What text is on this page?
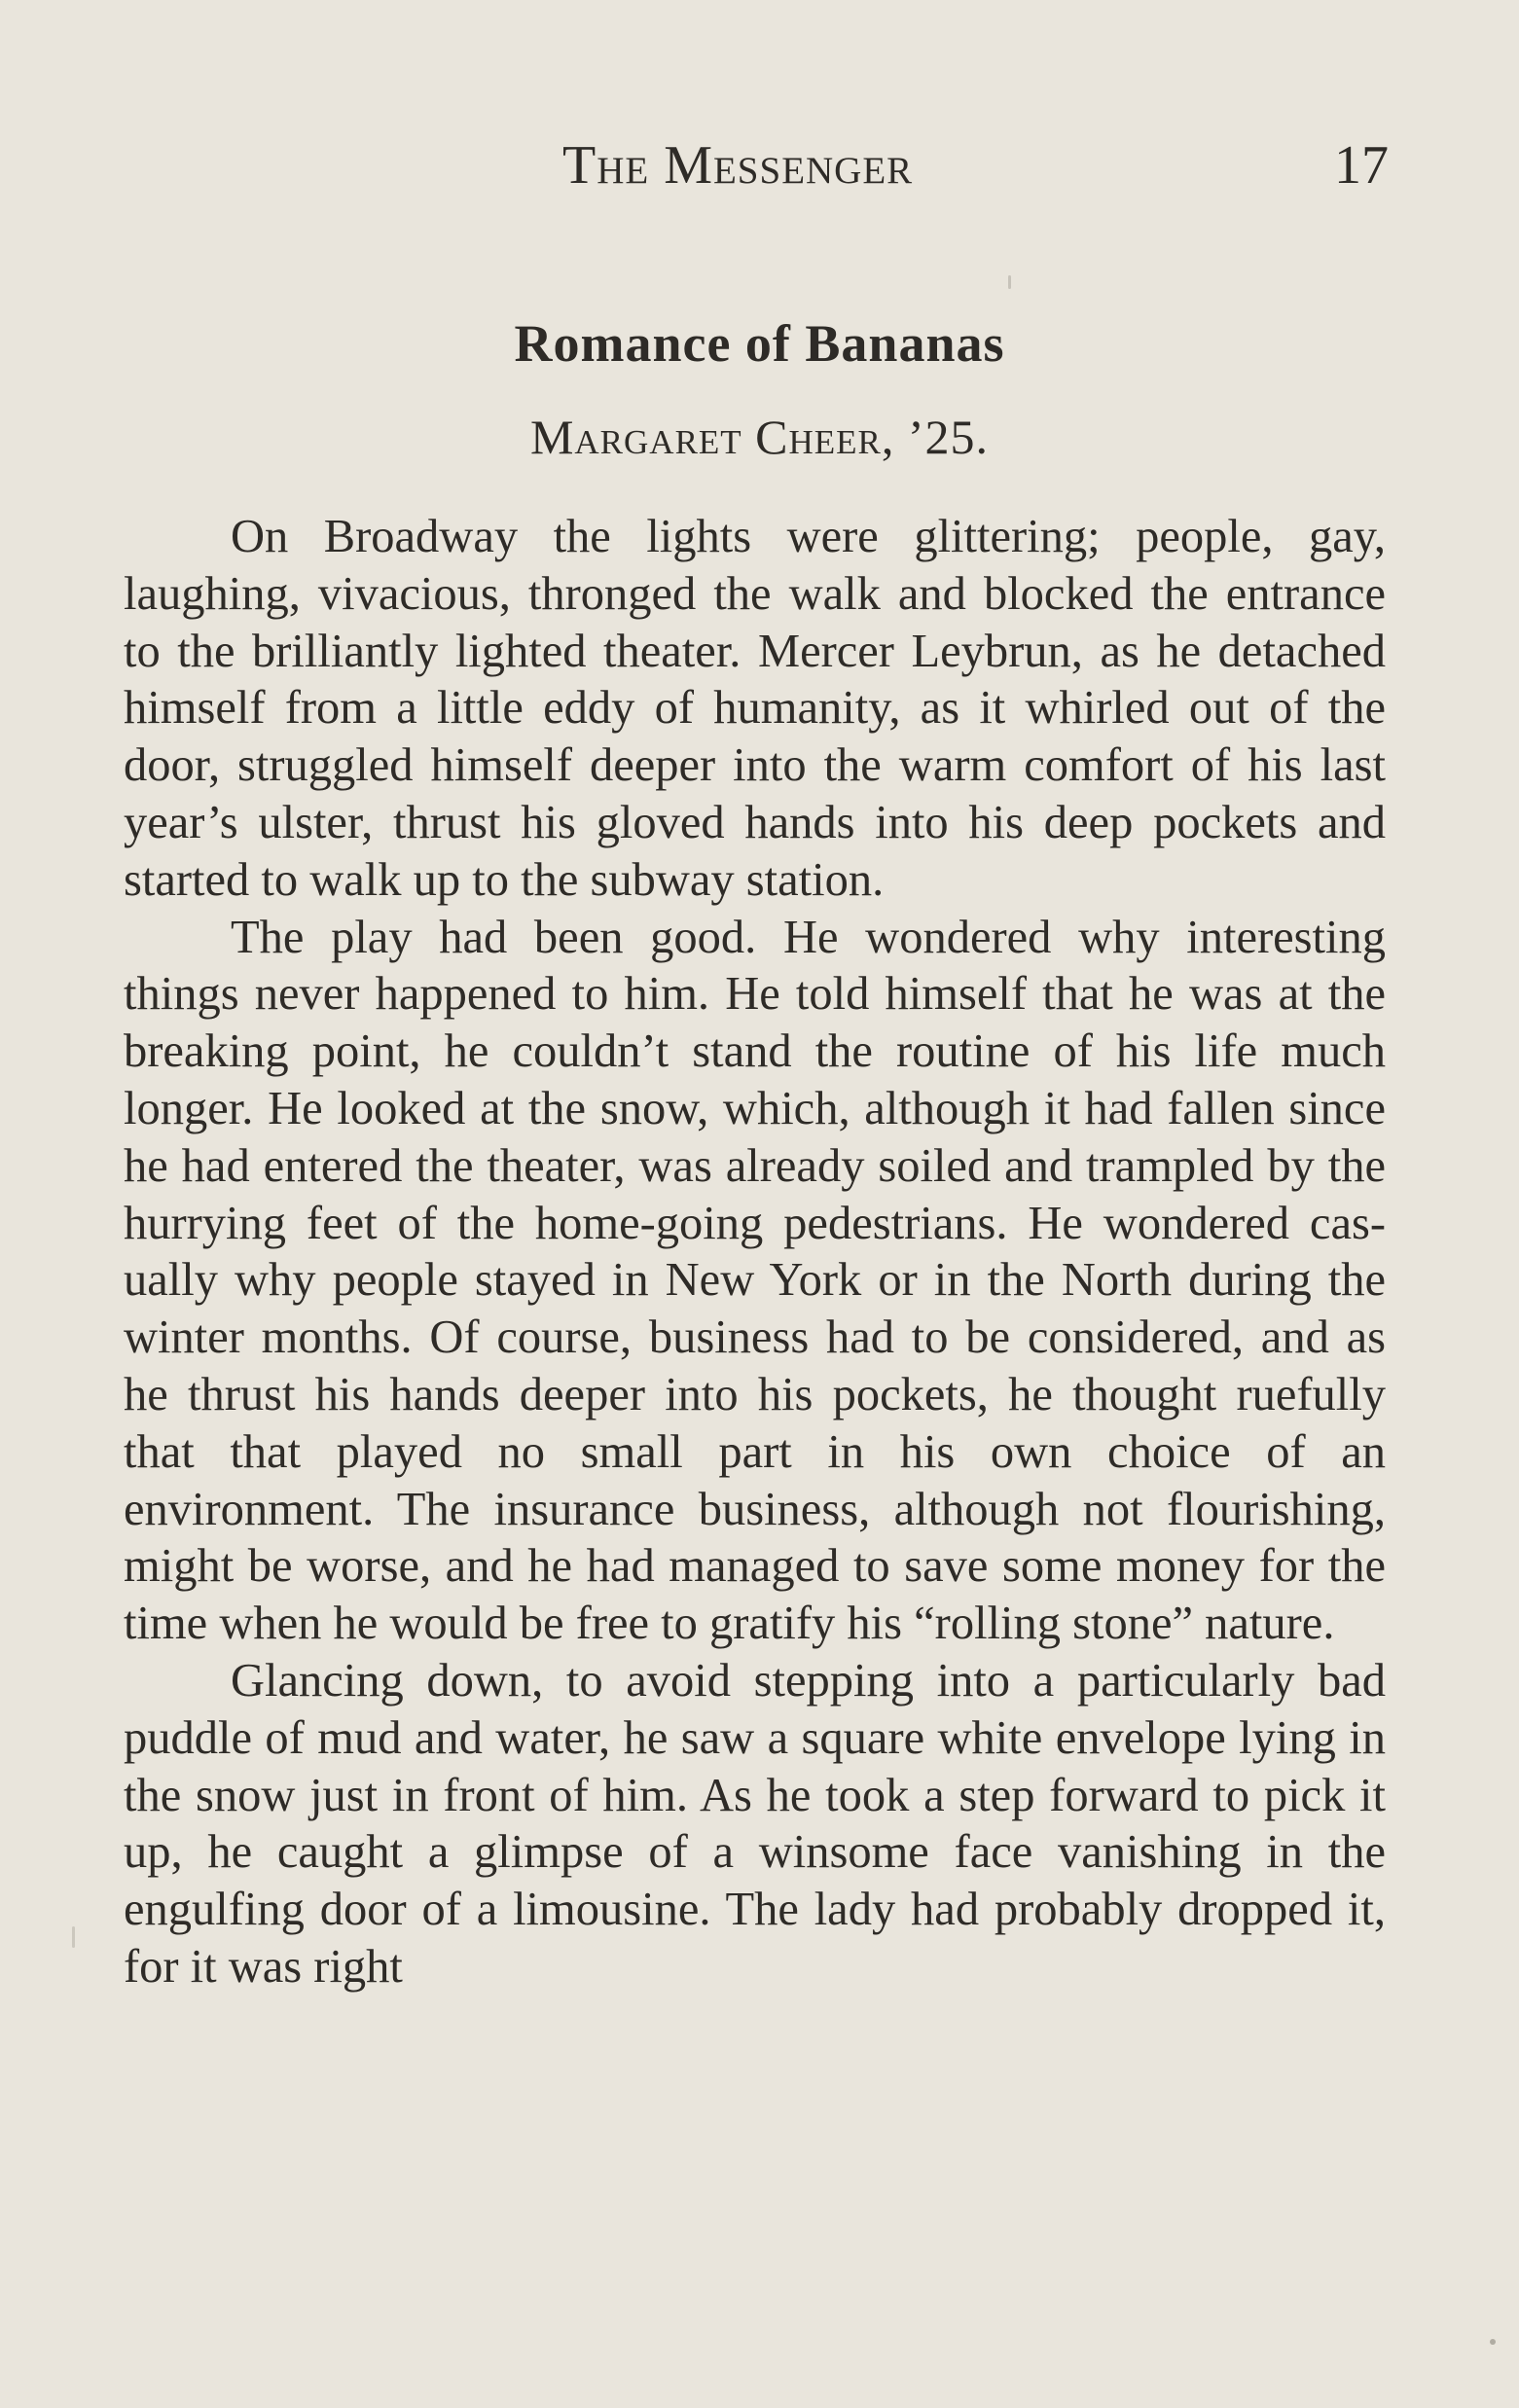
The Messenger	17
Romance of Bananas
Margaret Cheer, ’25.

On Broadway the lights were glittering; people, gay, laughing, vivacious, thronged the walk and blocked the entrance to the brilliantly lighted theater. Mercer Leybrun, as he detached himself from a little eddy of humanity, as it whirled out of the door, struggled himself deeper into the warm comfort of his last year’s ulster, thrust his gloved hands into his deep pockets and started to walk up to the subway station.

The play had been good. He wondered why interesting things never happened to him. He told himself that he was at the breaking point, he couldn’t stand the routine of his life much longer. He looked at the snow, which, although it had fallen since he had entered the theater, was already soiled and trampled by the hurrying feet of the home-going pedestrians. He wondered casually why people stayed in New York or in the North during the winter months. Of course, business had to be considered, and as he thrust his hands deeper into his pockets, he thought ruefully that that played no small part in his own choice of an environment. The insurance business, although not flourishing, might be worse, and he had managed to save some money for the time when he would be free to gratify his “rolling stone” nature.

Glancing down, to avoid stepping into a particularly bad puddle of mud and water, he saw a square white envelope lying in the snow just in front of him. As he took a step forward to pick it up, he caught a glimpse of a winsome face vanishing in the engulfing door of a limousine. The lady had probably dropped it, for it was right
